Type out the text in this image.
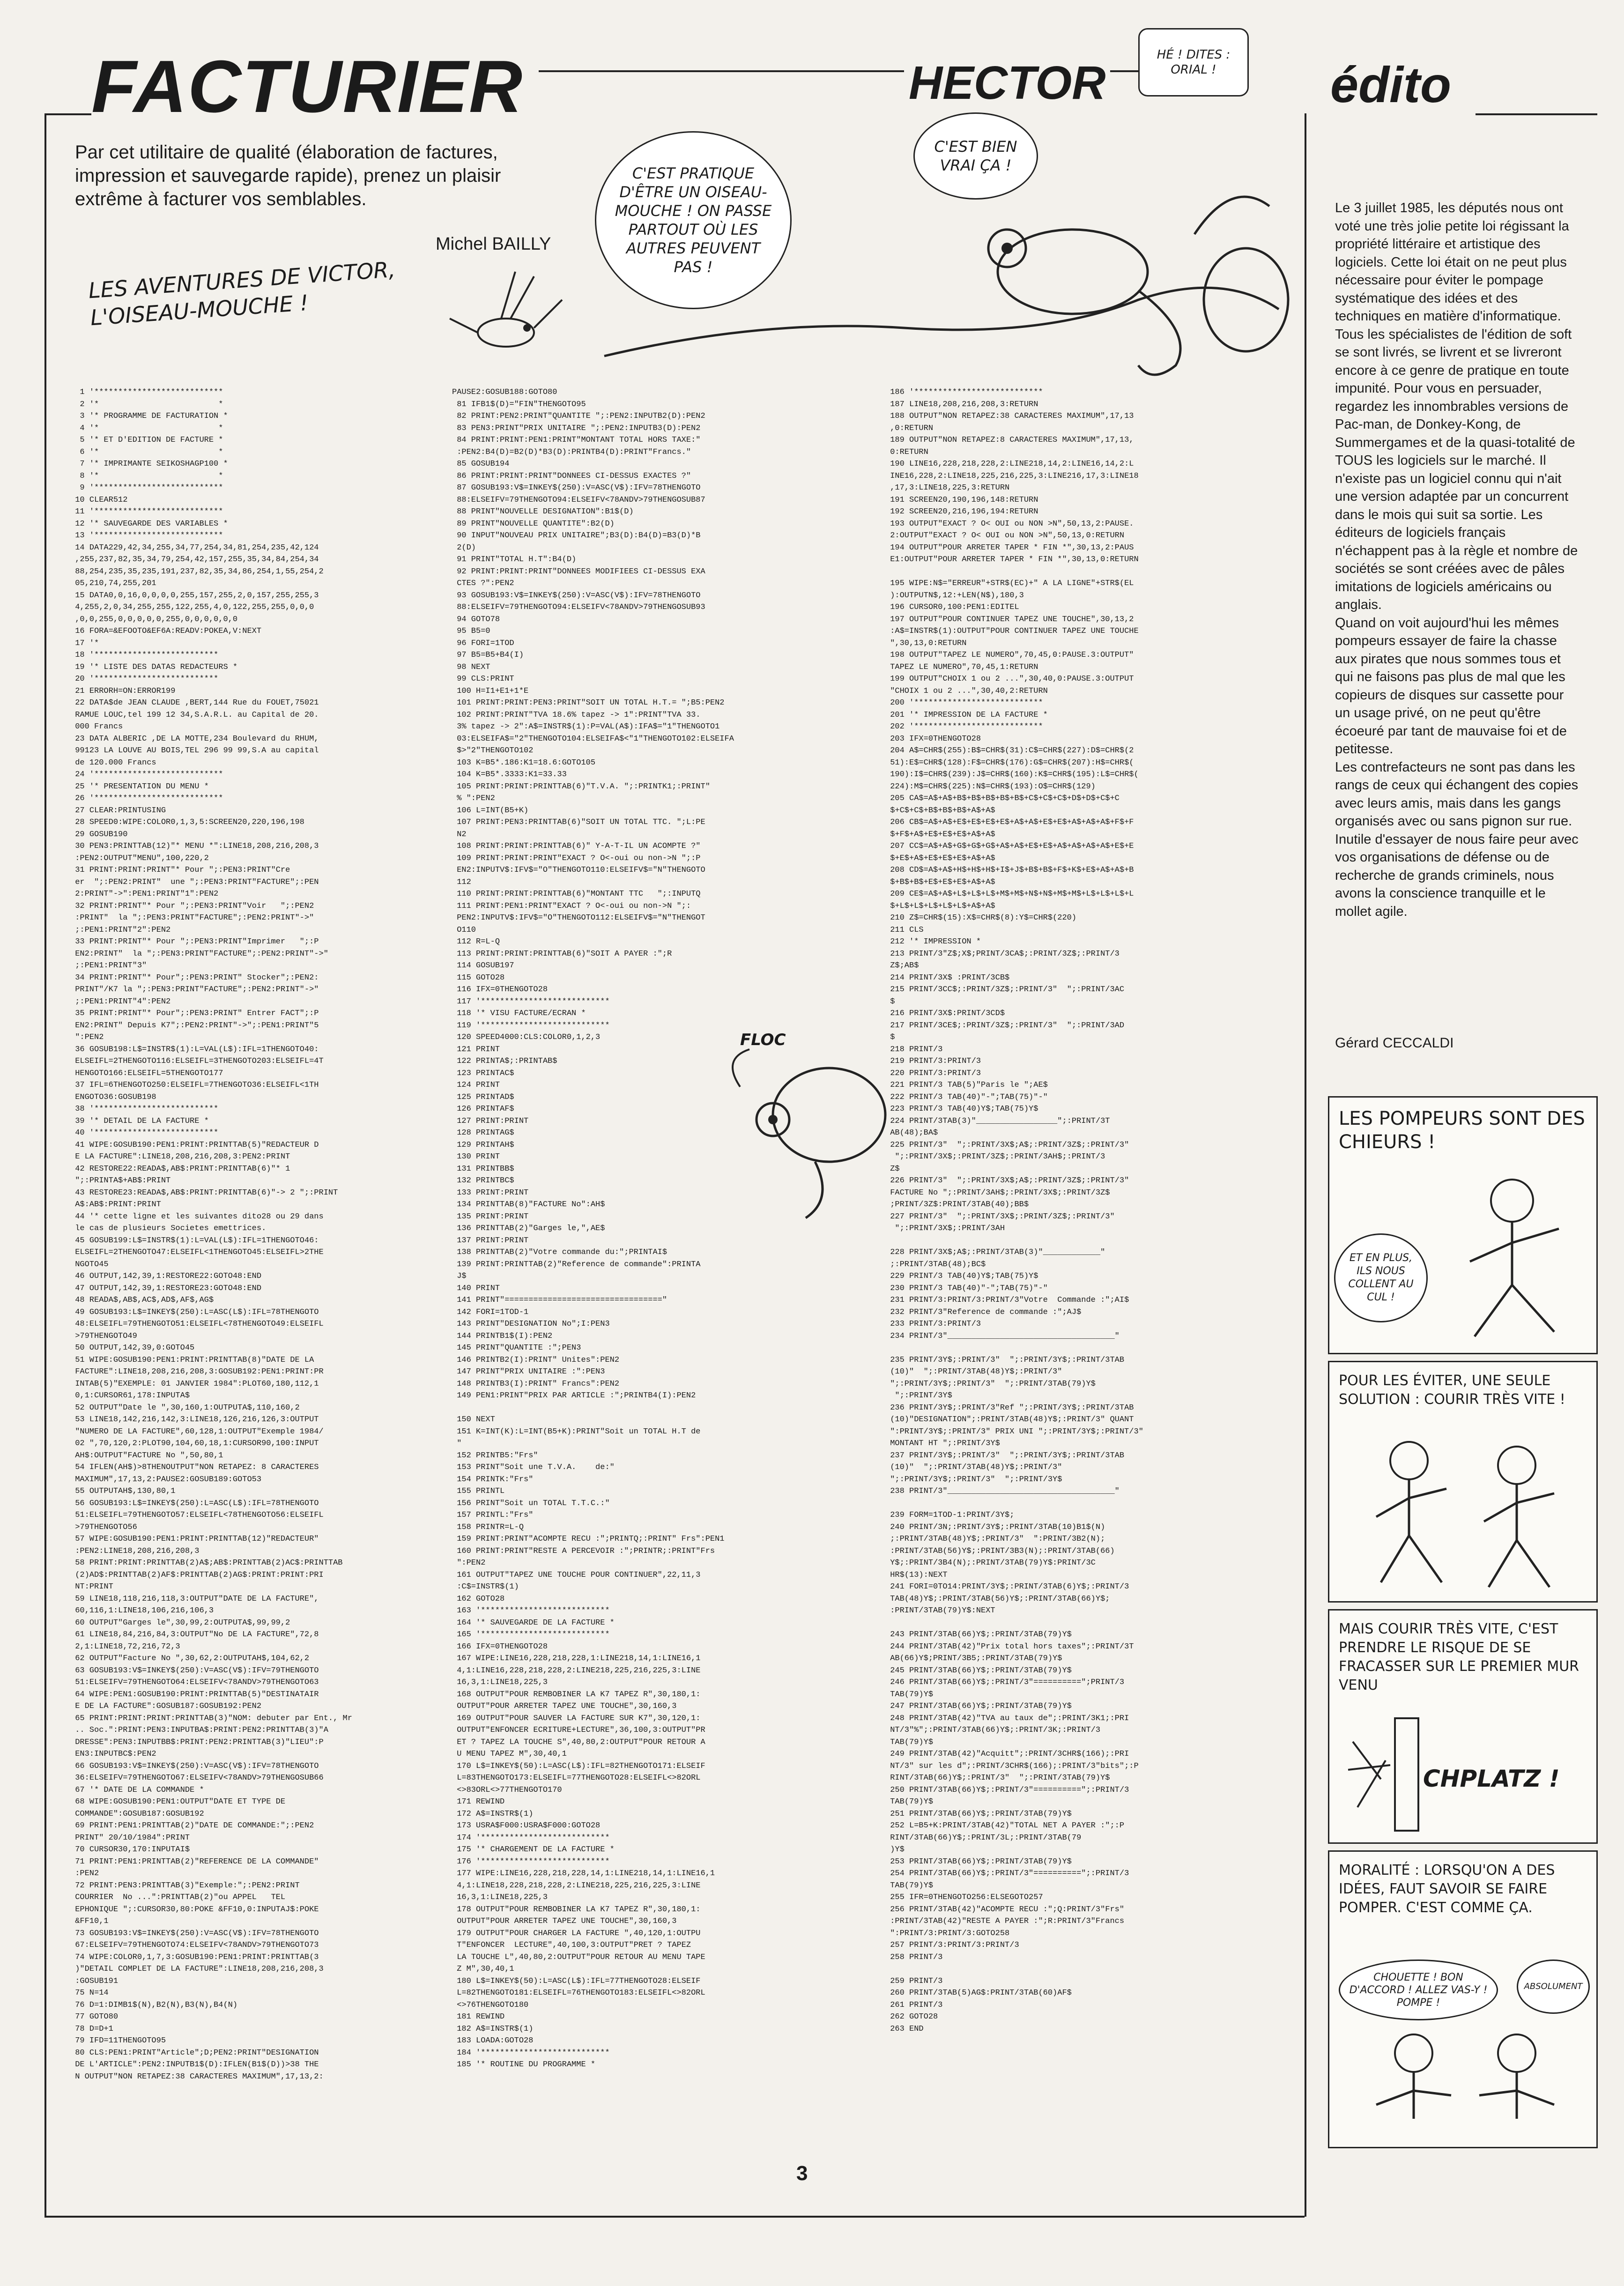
FACTURIER	HECTOR	édito
Par cet utilitaire de qualité (élaboration de factures, impression et sauvegarde rapide), prenez un plaisir extrême à facturer vos semblables.
Michel BAILLY
LES AVENTURES DE VICTOR, L'OISEAU-MOUCHE !
C'EST PRATIQUE D'ÊTRE UN OISEAU-MOUCHE ! ON PASSE PARTOUT OÙ LES AUTRES PEUVENT PAS !
C'EST BIEN VRAI ÇA !
HÉ ! DITES : ORIAL !
1 '***************************
2 '*                         *
3 '* PROGRAMME DE FACTURATION *
4 '*                         *
5 '* ET D'EDITION DE FACTURE *
6 '*                         *
7 '* IMPRIMANTE SEIKOSHAGP100 *
8 '*                         *
9 '***************************
10 CLEAR512
11 '***************************
12 '* SAUVEGARDE DES VARIABLES *
13 '***************************
14 DATA229,42,34,255,34,77,254,34,81,254,235,42,124
,255,237,82,35,34,79,254,42,157,255,35,34,84,254,34
88,254,235,35,235,191,237,82,35,34,86,254,1,55,254,2
05,210,74,255,201
15 DATA0,0,16,0,0,0,0,255,157,255,2,0,157,255,255,3
4,255,2,0,34,255,255,122,255,4,0,122,255,255,0,0,0
,0,0,255,0,0,0,0,0,255,0,0,0,0,0,0
16 FORA=&EFOOTO&EF6A:READV:POKEA,V:NEXT
17 '*
18 '**************************
19 '* LISTE DES DATAS REDACTEURS *
20 '**************************
21 ERRORH=ON:ERROR199
22 DATA$de JEAN CLAUDE ,BERT,144 Rue du FOUET,75021
RAMUE LOUC,tel 199 12 34,S.A.R.L. au Capital de 20.
000 Francs
23 DATA ALBERIC ,DE LA MOTTE,234 Boulevard du RHUM,
99123 LA LOUVE AU BOIS,TEL 296 99 99,S.A au capital
de 120.000 Francs
24 '***************************
25 '* PRESENTATION DU MENU *
26 '***************************
27 CLEAR:PRINTUSING
28 SPEED0:WIPE:COLOR0,1,3,5:SCREEN20,220,196,198
29 GOSUB190
30 PEN3:PRINTTAB(12)"* MENU *":LINE18,208,216,208,3
:PEN2:OUTPUT"MENU",100,220,2
31 PRINT:PRINT:PRINT"* Pour ";:PEN3:PRINT"Cre
er  ";:PEN2:PRINT"  une ";:PEN3:PRINT"FACTURE";:PEN
2:PRINT"->":PEN1:PRINT"1":PEN2
32 PRINT:PRINT"* Pour ";:PEN3:PRINT"Voir   ";:PEN2
:PRINT"  la ";:PEN3:PRINT"FACTURE";:PEN2:PRINT"->"
;:PEN1:PRINT"2":PEN2
33 PRINT:PRINT"* Pour ";:PEN3:PRINT"Imprimer   ";:P
EN2:PRINT"  la ";:PEN3:PRINT"FACTURE";:PEN2:PRINT"->"
;:PEN1:PRINT"3"
34 PRINT:PRINT"* Pour";:PEN3:PRINT" Stocker";:PEN2:
PRINT"/K7 la ";:PEN3:PRINT"FACTURE";:PEN2:PRINT"->"
;:PEN1:PRINT"4":PEN2
35 PRINT:PRINT"* Pour";:PEN3:PRINT" Entrer FACT";:P
EN2:PRINT" Depuis K7";:PEN2:PRINT"->";:PEN1:PRINT"5
":PEN2
36 GOSUB198:L$=INSTR$(1):L=VAL(L$):IFL=1THENGOTO40:
ELSEIFL=2THENGOTO116:ELSEIFL=3THENGOTO203:ELSEIFL=4T
HENGOTO166:ELSEIFL=5THENGOTO177
37 IFL=6THENGOTO250:ELSEIFL=7THENGOTO36:ELSEIFL<1TH
ENGOTO36:GOSUB198
38 '**************************
39 '* DETAIL DE LA FACTURE *
40 '**************************
41 WIPE:GOSUB190:PEN1:PRINT:PRINTTAB(5)"REDACTEUR D
E LA FACTURE":LINE18,208,216,208,3:PEN2:PRINT
42 RESTORE22:READA$,AB$:PRINT:PRINTTAB(6)"* 1
";:PRINTA$+AB$:PRINT
43 RESTORE23:READA$,AB$:PRINT:PRINTTAB(6)"-> 2 ";:PRINT
A$:AB$:PRINT:PRINT
44 '* cette ligne et les suivantes dito28 ou 29 dans
le cas de plusieurs Societes emettrices.
45 GOSUB199:L$=INSTR$(1):L=VAL(L$):IFL=1THENGOTO46:
ELSEIFL=2THENGOTO47:ELSEIFL<1THENGOTO45:ELSEIFL>2THE
NGOTO45
46 OUTPUT,142,39,1:RESTORE22:GOTO48:END
47 OUTPUT,142,39,1:RESTORE23:GOTO48:END
48 READA$,AB$,AC$,AD$,AF$,AG$
49 GOSUB193:L$=INKEY$(250):L=ASC(L$):IFL=78THENGOTO
48:ELSEIFL=79THENGOTO51:ELSEIFL<78THENGOTO49:ELSEIFL
>79THENGOTO49
50 OUTPUT,142,39,0:GOTO45
51 WIPE:GOSUB190:PEN1:PRINT:PRINTTAB(8)"DATE DE LA
FACTURE":LINE18,208,216,208,3:GOSUB192:PEN1:PRINT:PR
INTAB(5)"EXEMPLE: 01 JANVIER 1984":PLOT60,180,112,1
0,1:CURSOR61,178:INPUTA$
52 OUTPUT"Date le ",30,160,1:OUTPUTA$,110,160,2
53 LINE18,142,216,142,3:LINE18,126,216,126,3:OUTPUT
"NUMERO DE LA FACTURE",60,128,1:OUTPUT"Exemple 1984/
02 ",70,120,2:PLOT90,104,60,18,1:CURSOR90,100:INPUT
AH$:OUTPUT"FACTURE No ",50,80,1
54 IFLEN(AH$)>8THENOUTPUT"NON RETAPEZ: 8 CARACTERES
MAXIMUM",17,13,2:PAUSE2:GOSUB189:GOTO53
55 OUTPUTAH$,130,80,1
56 GOSUB193:L$=INKEY$(250):L=ASC(L$):IFL=78THENGOTO
51:ELSEIFL=79THENGOTO57:ELSEIFL<78THENGOTO56:ELSEIFL
>79THENGOTO56
57 WIPE:GOSUB190:PEN1:PRINT:PRINTTAB(12)"REDACTEUR"
:PEN2:LINE18,208,216,208,3
58 PRINT:PRINT:PRINTTAB(2)A$;AB$:PRINTTAB(2)AC$:PRINTTAB
(2)AD$:PRINTTAB(2)AF$:PRINTTAB(2)AG$:PRINT:PRINT:PRI
NT:PRINT
59 LINE18,118,216,118,3:OUTPUT"DATE DE LA FACTURE",
60,116,1:LINE18,106,216,106,3
60 OUTPUT"Garges le",30,99,2:OUTPUTA$,99,99,2
61 LINE18,84,216,84,3:OUTPUT"No DE LA FACTURE",72,8
2,1:LINE18,72,216,72,3
62 OUTPUT"Facture No ",30,62,2:OUTPUTAH$,104,62,2
63 GOSUB193:V$=INKEY$(250):V=ASC(V$):IFV=79THENGOTO
51:ELSEIFV=79THENGOTO64:ELSEIFV<78ANDV>79THENGOTO63
64 WIPE:PEN1:GOSUB190:PRINT:PRINTTAB(5)"DESTINATAIR
E DE LA FACTURE":GOSUB187:GOSUB192:PEN2
65 PRINT:PRINT:PRINT:PRINTTAB(3)"NOM: debuter par Ent., Mr
.. Soc.":PRINT:PEN3:INPUTBA$:PRINT:PEN2:PRINTTAB(3)"A
DRESSE":PEN3:INPUTBB$:PRINT:PEN2:PRINTTAB(3)"LIEU":P
EN3:INPUTBC$:PEN2
66 GOSUB193:V$=INKEY$(250):V=ASC(V$):IFV=78THENGOTO
36:ELSEIFV=79THENGOTO67:ELSEIFV<78ANDV>79THENGOSUB66
67 '* DATE DE LA COMMANDE *
68 WIPE:GOSUB190:PEN1:OUTPUT"DATE ET TYPE DE
COMMANDE":GOSUB187:GOSUB192
69 PRINT:PEN1:PRINTTAB(2)"DATE DE COMMANDE:";:PEN2
PRINT" 20/10/1984":PRINT
70 CURSOR30,170:INPUTAI$
71 PRINT:PEN1:PRINTTAB(2)"REFERENCE DE LA COMMANDE"
:PEN2
72 PRINT:PEN3:PRINTTAB(3)"Exemple:";:PEN2:PRINT
COURRIER  No ...":PRINTTAB(2)"ou APPEL   TEL
EPHONIQUE ";:CURSOR30,80:POKE &FF10,0:INPUTAJ$:POKE
&FF10,1
73 GOSUB193:V$=INKEY$(250):V=ASC(V$):IFV=78THENGOTO
67:ELSEIFV=79THENGOTO74:ELSEIFV<78ANDV>79THENGOTO73
74 WIPE:COLOR0,1,7,3:GOSUB190:PEN1:PRINT:PRINTTAB(3
)"DETAIL COMPLET DE LA FACTURE":LINE18,208,216,208,3
:GOSUB191
75 N=14
76 D=1:DIMB1$(N),B2(N),B3(N),B4(N)
77 GOTO80
78 D=D+1
79 IFD=11THENGOTO95
80 CLS:PEN1:PRINT"Article";D;PEN2:PRINT"DESIGNATION
DE L'ARTICLE":PEN2:INPUTB1$(D):IFLEN(B1$(D))>38 THE
N OUTPUT"NON RETAPEZ:38 CARACTERES MAXIMUM",17,13,2:
PAUSE2:GOSUB188:GOTO80
81 IFB1$(D)="FIN"THENGOTO95
82 PRINT:PEN2:PRINT"QUANTITE ";:PEN2:INPUTB2(D):PEN2
83 PEN3:PRINT"PRIX UNITAIRE ";:PEN2:INPUTB3(D):PEN2
84 PRINT:PRINT:PEN1:PRINT"MONTANT TOTAL HORS TAXE:"
:PEN2:B4(D)=B2(D)*B3(D):PRINTB4(D):PRINT"Francs."
85 GOSUB194
86 PRINT:PRINT:PRINT"DONNEES CI-DESSUS EXACTES ?"
87 GOSUB193:V$=INKEY$(250):V=ASC(V$):IFV=78THENGOTO
88:ELSEIFV=79THENGOTO94:ELSEIFV<78ANDV>79THENGOSUB87
88 PRINT"NOUVELLE DESIGNATION":B1$(D)
89 PRINT"NOUVELLE QUANTITE":B2(D)
90 INPUT"NOUVEAU PRIX UNITAIRE";B3(D):B4(D)=B3(D)*B
2(D)
91 PRINT"TOTAL H.T":B4(D)
92 PRINT:PRINT:PRINT"DONNEES MODIFIEES CI-DESSUS EXA
CTES ?":PEN2
93 GOSUB193:V$=INKEY$(250):V=ASC(V$):IFV=78THENGOTO
88:ELSEIFV=79THENGOTO94:ELSEIFV<78ANDV>79THENGOSUB93
94 GOTO78
95 B5=0
96 FORI=1TOD
97 B5=B5+B4(I)
98 NEXT
99 CLS:PRINT
100 H=I1+E1+1*E
101 PRINT:PRINT:PEN3:PRINT"SOIT UN TOTAL H.T.= ";B5:PEN2
102 PRINT:PRINT"TVA 18.6% tapez -> 1":PRINT"TVA 33.
3% tapez -> 2":A$=INSTR$(1):P=VAL(A$):IFA$="1"THENGOTO1
03:ELSEIFA$="2"THENGOTO104:ELSEIFA$<"1"THENGOTO102:ELSEIFA
$>"2"THENGOTO102
103 K=B5*.186:K1=18.6:GOTO105
104 K=B5*.3333:K1=33.33
105 PRINT:PRINT:PRINTTAB(6)"T.V.A. ";:PRINTK1;:PRINT"
% ":PEN2
106 L=INT(B5+K)
107 PRINT:PEN3:PRINTTAB(6)"SOIT UN TOTAL TTC. ";L:PE
N2
108 PRINT:PRINT:PRINTTAB(6)" Y-A-T-IL UN ACOMPTE ?"
109 PRINT:PRINT:PRINT"EXACT ? O<-oui ou non->N ";:P
EN2:INPUTV$:IFV$="O"THENGOTO110:ELSEIFV$="N"THENGOTO
112
110 PRINT:PRINT:PRINTTAB(6)"MONTANT TTC   ";:INPUTQ
111 PRINT:PEN1:PRINT"EXACT ? O<-oui ou non->N ";:
PEN2:INPUTV$:IFV$="O"THENGOTO112:ELSEIFV$="N"THENGOT
O110
112 R=L-Q
113 PRINT:PRINT:PRINTTAB(6)"SOIT A PAYER :";R
114 GOSUB197
115 GOTO28
116 IFX=0THENGOTO28
117 '***************************
118 '* VISU FACTURE/ECRAN *
119 '***************************
120 SPEED4000:CLS:COLOR0,1,2,3
121 PRINT
122 PRINTA$;:PRINTAB$
123 PRINTAC$
124 PRINT
125 PRINTAD$
126 PRINTAF$
127 PRINT:PRINT
128 PRINTAG$
129 PRINTAH$
130 PRINT
131 PRINTBB$
132 PRINTBC$
133 PRINT:PRINT
134 PRINTTAB(8)"FACTURE No":AH$
135 PRINT:PRINT
136 PRINTTAB(2)"Garges le,",AE$
137 PRINT:PRINT
138 PRINTTAB(2)"Votre commande du:";PRINTAI$
139 PRINT:PRINTTAB(2)"Reference de commande":PRINTA
J$
140 PRINT
141 PRINT"================================="
142 FORI=1TOD-1
143 PRINT"DESIGNATION No";I:PEN3
144 PRINTB1$(I):PEN2
145 PRINT"QUANTITE :";PEN3
146 PRINTB2(I):PRINT" Unites":PEN2
147 PRINT"PRIX UNITAIRE :":PEN3
148 PRINTB3(I):PRINT" Francs":PEN2
149 PEN1:PRINT"PRIX PAR ARTICLE :";PRINTB4(I):PEN2

150 NEXT
151 K=INT(K):L=INT(B5+K):PRINT"Soit un TOTAL H.T de
"
152 PRINTB5:"Frs"
153 PRINT"Soit une T.V.A.    de:"
154 PRINTK:"Frs"
155 PRINTL
156 PRINT"Soit un TOTAL T.T.C.:"
157 PRINTL:"Frs"
158 PRINTR=L-Q
159 PRINT:PRINT"ACOMPTE RECU :";PRINTQ;:PRINT" Frs":PEN1
160 PRINT:PRINT"RESTE A PERCEVOIR :";PRINTR;:PRINT"Frs
":PEN2
161 OUTPUT"TAPEZ UNE TOUCHE POUR CONTINUER",22,11,3
:C$=INSTR$(1)
162 GOTO28
163 '***************************
164 '* SAUVEGARDE DE LA FACTURE *
165 '***************************
166 IFX=0THENGOTO28
167 WIPE:LINE16,228,218,228,1:LINE218,14,1:LINE16,1
4,1:LINE16,228,218,228,2:LINE218,225,216,225,3:LINE
16,3,1:LINE18,225,3
168 OUTPUT"POUR REMBOBINER LA K7 TAPEZ R",30,180,1:
OUTPUT"POUR ARRETER TAPEZ UNE TOUCHE",30,160,3
169 OUTPUT"POUR SAUVER LA FACTURE SUR K7",30,120,1:
OUTPUT"ENFONCER ECRITURE+LECTURE",36,100,3:OUTPUT"PR
ET ? TAPEZ LA TOUCHE S",40,80,2:OUTPUT"POUR RETOUR A
U MENU TAPEZ M",30,40,1
170 L$=INKEY$(50):L=ASC(L$):IFL=82THENGOTO171:ELSEIF
L=83THENGOTO173:ELSEIFL=77THENGOTO28:ELSEIFL<>82ORL
<>83ORL<>77THENGOTO170
171 REWIND
172 A$=INSTR$(1)
173 USRA$F000:USRA$F000:GOTO28
174 '***************************
175 '* CHARGEMENT DE LA FACTURE *
176 '***************************
177 WIPE:LINE16,228,218,228,14,1:LINE218,14,1:LINE16,1
4,1:LINE18,228,218,228,2:LINE218,225,216,225,3:LINE
16,3,1:LINE18,225,3
178 OUTPUT"POUR REMBOBINER LA K7 TAPEZ R",30,180,1:
OUTPUT"POUR ARRETER TAPEZ UNE TOUCHE",30,160,3
179 OUTPUT"POUR CHARGER LA FACTURE ",40,120,1:OUTPU
T"ENFONCER  LECTURE",40,100,3:OUTPUT"PRET ? TAPEZ
LA TOUCHE L",40,80,2:OUTPUT"POUR RETOUR AU MENU TAPE
Z M",30,40,1
180 L$=INKEY$(50):L=ASC(L$):IFL=77THENGOTO28:ELSEIF
L=82THENGOTO181:ELSEIFL=76THENGOTO183:ELSEIFL<>82ORL
<>76THENGOTO180
181 REWIND
182 A$=INSTR$(1)
183 LOADA:GOTO28
184 '***************************
185 '* ROUTINE DU PROGRAMME *
186 '***************************
187 LINE18,208,216,208,3:RETURN
188 OUTPUT"NON RETAPEZ:38 CARACTERES MAXIMUM",17,13
,0:RETURN
189 OUTPUT"NON RETAPEZ:8 CARACTERES MAXIMUM",17,13,
0:RETURN
190 LINE16,228,218,228,2:LINE218,14,2:LINE16,14,2:L
INE16,228,2:LINE18,225,216,225,3:LINE216,17,3:LINE18
,17,3:LINE18,225,3:RETURN
191 SCREEN20,190,196,148:RETURN
192 SCREEN20,216,196,194:RETURN
193 OUTPUT"EXACT ? O< OUI ou NON >N",50,13,2:PAUSE.
2:OUTPUT"EXACT ? O< OUI ou NON >N",50,13,0:RETURN
194 OUTPUT"POUR ARRETER TAPER * FIN *",30,13,2:PAUS
E1:OUTPUT"POUR ARRETER TAPER * FIN *",30,13,0:RETURN

195 WIPE:N$="ERREUR"+STR$(EC)+" A LA LIGNE"+STR$(EL
):OUTPUTN$,12:+LEN(N$),180,3
196 CURSOR0,100:PEN1:EDITEL
197 OUTPUT"POUR CONTINUER TAPEZ UNE TOUCHE",30,13,2
:A$=INSTR$(1):OUTPUT"POUR CONTINUER TAPEZ UNE TOUCHE
",30,13,0:RETURN
198 OUTPUT"TAPEZ LE NUMERO",70,45,0:PAUSE.3:OUTPUT"
TAPEZ LE NUMERO",70,45,1:RETURN
199 OUTPUT"CHOIX 1 ou 2 ...",30,40,0:PAUSE.3:OUTPUT
"CHOIX 1 ou 2 ...",30,40,2:RETURN
200 '***************************
201 '* IMPRESSION DE LA FACTURE *
202 '***************************
203 IFX=0THENGOTO28
204 A$=CHR$(255):B$=CHR$(31):C$=CHR$(227):D$=CHR$(2
51):E$=CHR$(128):F$=CHR$(176):G$=CHR$(207):H$=CHR$(
190):I$=CHR$(239):J$=CHR$(160):K$=CHR$(195):L$=CHR$(
224):M$=CHR$(225):N$=CHR$(193):O$=CHR$(129)
205 CA$=A$+A$+B$+B$+B$+B$+B$+C$+C$+C$+D$+D$+C$+C
$+C$+C$+B$+B$+B$+A$+A$
206 CB$=A$+A$+E$+E$+E$+E$+A$+A$+E$+E$+A$+A$+A$+F$+F
$+F$+A$+E$+E$+E$+A$+A$
207 CC$=A$+A$+G$+G$+G$+A$+A$+E$+E$+A$+A$+A$+A$+E$+E
$+E$+A$+E$+E$+E$+A$+A$
208 CD$=A$+A$+H$+H$+H$+I$+J$+B$+B$+F$+K$+E$+A$+A$+B
$+B$+B$+E$+E$+E$+A$+A$
209 CE$=A$+A$+L$+L$+L$+M$+M$+N$+N$+M$+M$+L$+L$+L$+L
$+L$+L$+L$+L$+L$+A$+A$
210 Z$=CHR$(15):X$=CHR$(8):Y$=CHR$(220)
211 CLS
212 '* IMPRESSION *
213 PRINT/3"Z$;X$;PRINT/3CA$;:PRINT/3Z$;:PRINT/3
Z$;AB$
214 PRINT/3X$ :PRINT/3CB$
215 PRINT/3CC$;:PRINT/3Z$;:PRINT/3"  ";:PRINT/3AC
$
216 PRINT/3X$:PRINT/3CD$
217 PRINT/3CE$;:PRINT/3Z$;:PRINT/3"  ";:PRINT/3AD
$
218 PRINT/3
219 PRINT/3:PRINT/3
220 PRINT/3:PRINT/3
221 PRINT/3 TAB(5)"Paris le ";AE$
222 PRINT/3 TAB(40)"-";TAB(75)"-"
223 PRINT/3 TAB(40)Y$;TAB(75)Y$
224 PRINT/3TAB(3)"_________________";:PRINT/3T
AB(48);BA$
225 PRINT/3"  ";:PRINT/3X$;A$;:PRINT/3Z$;:PRINT/3"
";:PRINT/3X$;:PRINT/3Z$;:PRINT/3AH$;:PRINT/3
Z$
226 PRINT/3"  ";:PRINT/3X$;A$;:PRINT/3Z$;:PRINT/3"
FACTURE No ";:PRINT/3AH$;:PRINT/3X$;:PRINT/3Z$
;PRINT/3Z$:PRINT/3TAB(40);BB$
227 PRINT/3"  ";:PRINT/3X$;:PRINT/3Z$;:PRINT/3"
";:PRINT/3X$;:PRINT/3AH

228 PRINT/3X$;A$;:PRINT/3TAB(3)"____________"
;:PRINT/3TAB(48);BC$
229 PRINT/3 TAB(40)Y$;TAB(75)Y$
230 PRINT/3 TAB(40)"-";TAB(75)"-"
231 PRINT/3:PRINT/3:PRINT/3"Votre  Commande :";AI$
232 PRINT/3"Reference de commande :";AJ$
233 PRINT/3:PRINT/3
234 PRINT/3"___________________________________"

235 PRINT/3Y$;:PRINT/3"  ";:PRINT/3Y$;:PRINT/3TAB
(10)"  ";:PRINT/3TAB(48)Y$;:PRINT/3"
";:PRINT/3Y$;:PRINT/3"  ";:PRINT/3TAB(79)Y$
";:PRINT/3Y$
236 PRINT/3Y$;:PRINT/3"Ref ";:PRINT/3Y$;:PRINT/3TAB
(10)"DESIGNATION";:PRINT/3TAB(48)Y$;:PRINT/3" QUANT
":PRINT/3Y$;:PRINT/3" PRIX UNI ";:PRINT/3Y$;:PRINT/3"
MONTANT HT ";:PRINT/3Y$
237 PRINT/3Y$;:PRINT/3"  ";:PRINT/3Y$;:PRINT/3TAB
(10)"  ";:PRINT/3TAB(48)Y$;:PRINT/3"
";:PRINT/3Y$;:PRINT/3"  ";:PRINT/3Y$
238 PRINT/3"___________________________________"

239 FORM=1TOD-1:PRINT/3Y$;
240 PRINT/3N;:PRINT/3Y$;:PRINT/3TAB(10)B1$(N)
;:PRINT/3TAB(48)Y$;:PRINT/3"  ":PRINT/3B2(N);
:PRINT/3TAB(56)Y$;:PRINT/3B3(N);:PRINT/3TAB(66)
Y$;:PRINT/3B4(N);:PRINT/3TAB(79)Y$:PRINT/3C
HR$(13):NEXT
241 FORI=0TO14:PRINT/3Y$;:PRINT/3TAB(6)Y$;:PRINT/3
TAB(48)Y$;:PRINT/3TAB(56)Y$;:PRINT/3TAB(66)Y$;
:PRINT/3TAB(79)Y$:NEXT

243 PRINT/3TAB(66)Y$;:PRINT/3TAB(79)Y$
244 PRINT/3TAB(42)"Prix total hors taxes";:PRINT/3T
AB(66)Y$;PRINT/3B5;:PRINT/3TAB(79)Y$
245 PRINT/3TAB(66)Y$;:PRINT/3TAB(79)Y$
246 PRINT/3TAB(66)Y$;:PRINT/3"==========";PRINT/3
TAB(79)Y$
247 PRINT/3TAB(66)Y$;:PRINT/3TAB(79)Y$
248 PRINT/3TAB(42)"TVA au taux de";:PRINT/3K1;:PRI
NT/3"%";:PRINT/3TAB(66)Y$;:PRINT/3K;:PRINT/3
TAB(79)Y$
249 PRINT/3TAB(42)"Acquitt";:PRINT/3CHR$(166);:PRI
NT/3" sur les d";:PRINT/3CHR$(166);:PRINT/3"bits";:P
RINT/3TAB(66)Y$;:PRINT/3"  ";:PRINT/3TAB(79)Y$
250 PRINT/3TAB(66)Y$;:PRINT/3"==========";:PRINT/3
TAB(79)Y$
251 PRINT/3TAB(66)Y$;:PRINT/3TAB(79)Y$
252 L=B5+K:PRINT/3TAB(42)"TOTAL NET A PAYER :";:P
RINT/3TAB(66)Y$;:PRINT/3L;:PRINT/3TAB(79
)Y$
253 PRINT/3TAB(66)Y$;:PRINT/3TAB(79)Y$
254 PRINT/3TAB(66)Y$;:PRINT/3"==========";:PRINT/3
TAB(79)Y$
255 IFR=0THENGOTO256:ELSEGOTO257
256 PRINT/3TAB(42)"ACOMPTE RECU :";Q:PRINT/3"Frs"
:PRINT/3TAB(42)"RESTE A PAYER :";R:PRINT/3"Francs
":PRINT/3:PRINT/3:GOTO258
257 PRINT/3:PRINT/3:PRINT/3
258 PRINT/3

259 PRINT/3
260 PRINT/3TAB(5)AG$:PRINT/3TAB(60)AF$
261 PRINT/3
262 GOTO28
263 END
FLOC
Le 3 juillet 1985, les députés nous ont voté une très jolie petite loi régissant la propriété littéraire et artistique des logiciels. Cette loi était on ne peut plus nécessaire pour éviter le pompage systématique des idées et des techniques en matière d'informatique.
Tous les spécialistes de l'édition de soft se sont livrés, se livrent et se livreront encore à ce genre de pratique en toute impunité. Pour vous en persuader, regardez les innombrables versions de Pac-man, de Donkey-Kong, de Summergames et de la quasi-totalité de TOUS les logiciels sur le marché. Il n'existe pas un logiciel connu qui n'ait une version adaptée par un concurrent dans le mois qui suit sa sortie. Les éditeurs de logiciels français n'échappent pas à la règle et nombre de sociétés se sont créées avec de pâles imitations de logiciels américains ou anglais.
Quand on voit aujourd'hui les mêmes pompeurs essayer de faire la chasse aux pirates que nous sommes tous et qui ne faisons pas plus de mal que les copieurs de disques sur cassette pour un usage privé, on ne peut qu'être écoeuré par tant de mauvaise foi et de petitesse.
Les contrefacteurs ne sont pas dans les rangs de ceux qui échangent des copies avec leurs amis, mais dans les gangs organisés avec ou sans pignon sur rue. Inutile d'essayer de nous faire peur avec vos organisations de défense ou de recherche de grands criminels, nous avons la conscience tranquille et le mollet agile.
Gérard CECCALDI
LES POMPEURS SONT DES CHIEURS !
ET EN PLUS, ILS NOUS COLLENT AU CUL !
POUR LES ÉVITER, UNE SEULE SOLUTION : COURIR TRÈS VITE !
MAIS COURIR TRÈS VITE, C'EST PRENDRE LE RISQUE DE SE FRACASSER SUR LE PREMIER MUR VENU
CHPLATZ !
MORALITÉ : LORSQU'ON A DES IDÉES, FAUT SAVOIR SE FAIRE POMPER. C'EST COMME ÇA.
CHOUETTE ! BON D'ACCORD ! ALLEZ VAS-Y ! POMPE !
ABSOLUMENT
3
